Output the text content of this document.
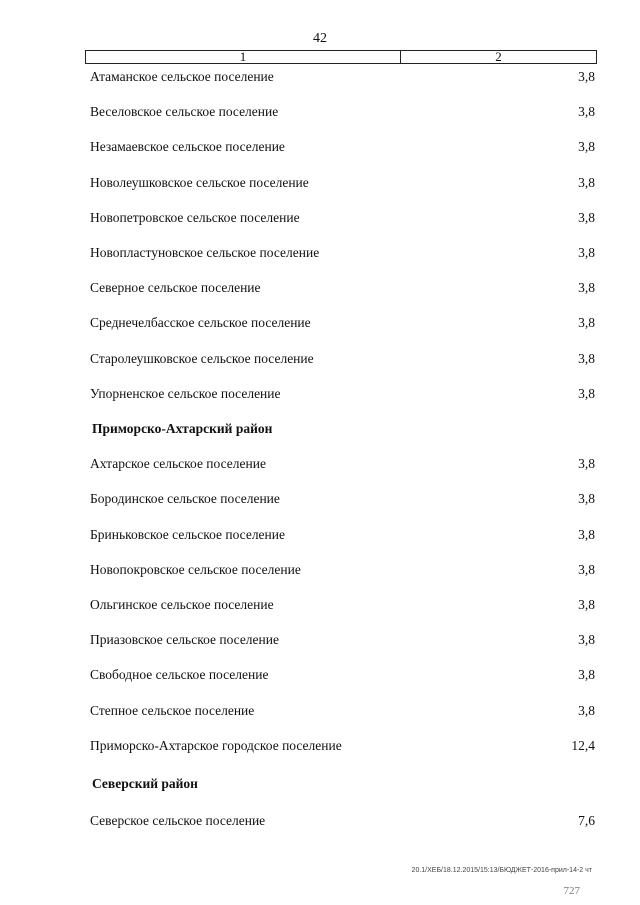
42
1	2
Атаманское сельское поселение	3,8
Веселовское сельское поселение	3,8
Незамаевское сельское поселение	3,8
Новолеушковское сельское поселение	3,8
Новопетровское сельское поселение	3,8
Новопластуновское сельское поселение	3,8
Северное сельское поселение	3,8
Среднечелбасское сельское поселение	3,8
Старолеушковское сельское поселение	3,8
Упорненское сельское поселение	3,8
Приморско-Ахтарский район
Ахтарское сельское поселение	3,8
Бородинское сельское поселение	3,8
Бриньковское сельское поселение	3,8
Новопокровское сельское поселение	3,8
Ольгинское сельское поселение	3,8
Приазовское сельское поселение	3,8
Свободное сельское поселение	3,8
Степное сельское поселение	3,8
Приморско-Ахтарское городское поселение	12,4
Северский район
Северское сельское поселение	7,6
20.1/ХЕБ/18.12.2015/15:13/БЮДЖЕТ-2016-прил-14-2 чт
727
